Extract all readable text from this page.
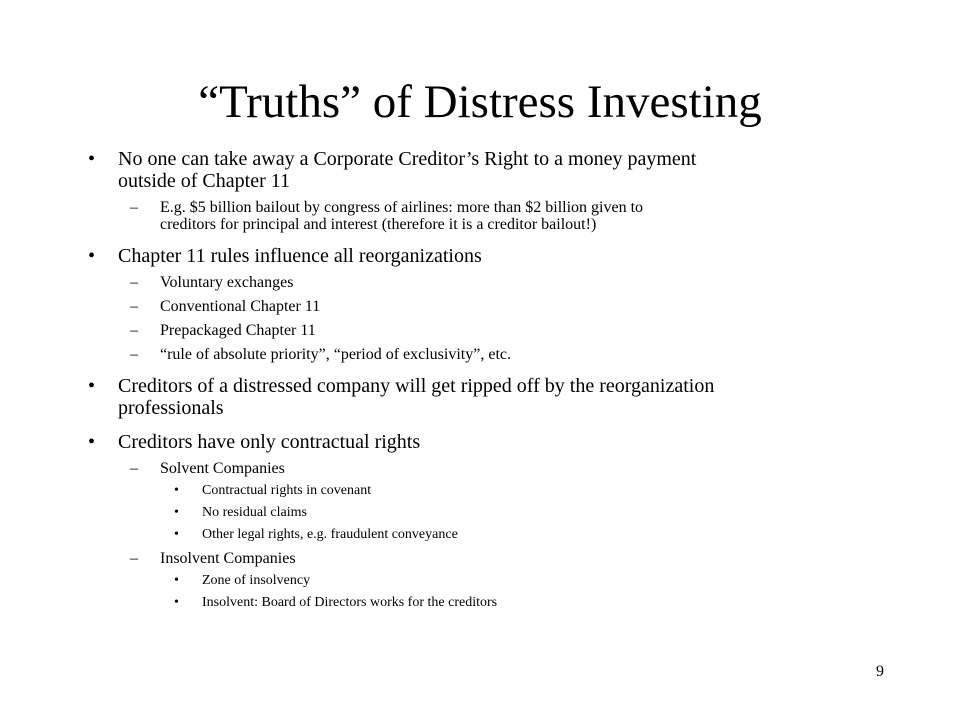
“Truths” of Distress Investing
• No one can take away a Corporate Creditor’s Right to a money payment
outside of Chapter 11
– E.g. $5 billion bailout by congress of airlines: more than $2 billion given to
creditors for principal and interest (therefore it is a creditor bailout!)
• Chapter 11 rules influence all reorganizations
– Voluntary exchanges
– Conventional Chapter 11
– Prepackaged Chapter 11
– “rule of absolute priority”, “period of exclusivity”, etc.
• Creditors of a distressed company will get ripped off by the reorganization
professionals
• Creditors have only contractual rights
– Solvent Companies
• Contractual rights in covenant
• No residual claims
• Other legal rights, e.g. fraudulent conveyance
– Insolvent Companies
• Zone of insolvency
• Insolvent: Board of Directors works for the creditors
9
